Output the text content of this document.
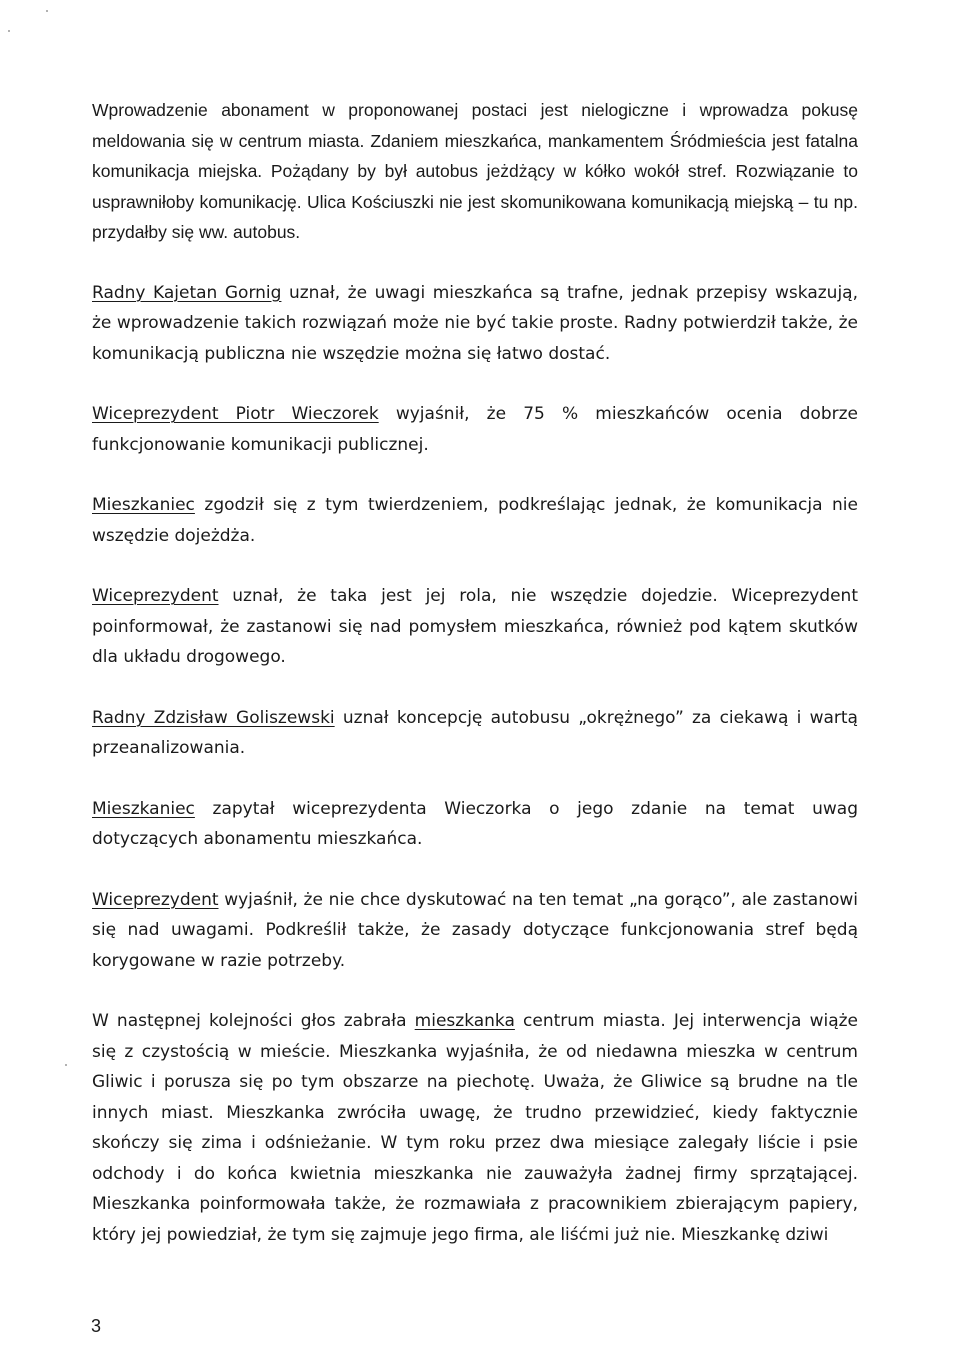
Wprowadzenie abonament w proponowanej postaci jest nielogiczne i wprowadza pokusę meldowania się w centrum miasta. Zdaniem mieszkańca, mankamentem Śródmieścia jest fatalna komunikacja miejska. Pożądany by był autobus jeżdżący w kółko wokół stref. Rozwiązanie to usprawniłoby komunikację. Ulica Kościuszki nie jest skomunikowana komunikacją miejską – tu np. przydałby się ww. autobus.

Radny Kajetan Gornig uznał, że uwagi mieszkańca są trafne, jednak przepisy wskazują, że wprowadzenie takich rozwiązań może nie być takie proste. Radny potwierdził także, że komunikacją publiczna nie wszędzie można się łatwo dostać.

Wiceprezydent Piotr Wieczorek wyjaśnił, że 75 % mieszkańców ocenia dobrze funkcjonowanie komunikacji publicznej.

Mieszkaniec zgodził się z tym twierdzeniem, podkreślając jednak, że komunikacja nie wszędzie dojeżdża.

Wiceprezydent uznał, że taka jest jej rola, nie wszędzie dojedzie. Wiceprezydent poinformował, że zastanowi się nad pomysłem mieszkańca, również pod kątem skutków dla układu drogowego.

Radny Zdzisław Goliszewski uznał koncepcję autobusu „okrężnego” za ciekawą i wartą przeanalizowania.

Mieszkaniec zapytał wiceprezydenta Wieczorka o jego zdanie na temat uwag dotyczących abonamentu mieszkańca.

Wiceprezydent wyjaśnił, że nie chce dyskutować na ten temat „na gorąco”, ale zastanowi się nad uwagami. Podkreślił także, że zasady dotyczące funkcjonowania stref będą korygowane w razie potrzeby.

W następnej kolejności głos zabrała mieszkanka centrum miasta. Jej interwencja wiąże się z czystością w mieście. Mieszkanka wyjaśniła, że od niedawna mieszka w centrum Gliwic i porusza się po tym obszarze na piechotę. Uważa, że Gliwice są brudne na tle innych miast. Mieszkanka zwróciła uwagę, że trudno przewidzieć, kiedy faktycznie skończy się zima i odśnieżanie. W tym roku przez dwa miesiące zalegały liście i psie odchody i do końca kwietnia mieszkanka nie zauważyła żadnej firmy sprzątającej. Mieszkanka poinformowała także, że rozmawiała z pracownikiem zbierającym papiery, który jej powiedział, że tym się zajmuje jego firma, ale liśćmi już nie. Mieszkankę dziwi

3
